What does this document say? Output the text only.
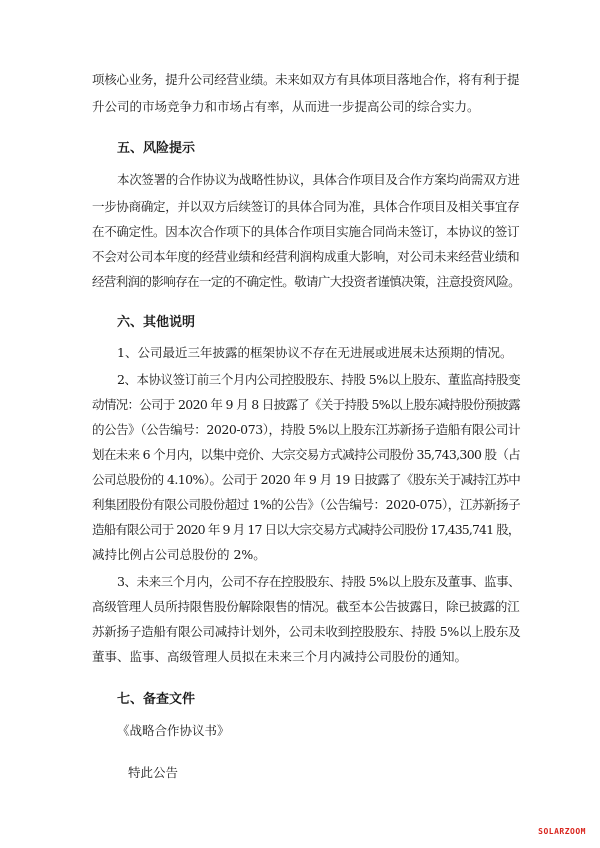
项核心业务，提升公司经营业绩。未来如双方有具体项目落地合作，将有利于提
升公司的市场竞争力和市场占有率，从而进一步提高公司的综合实力。
五、风险提示
本次签署的合作协议为战略性协议，具体合作项目及合作方案均尚需双方进
一步协商确定，并以双方后续签订的具体合同为准，具体合作项目及相关事宜存
在不确定性。因本次合作项下的具体合作项目实施合同尚未签订，本协议的签订
不会对公司本年度的经营业绩和经营利润构成重大影响，对公司未来经营业绩和
经营利润的影响存在一定的不确定性。敬请广大投资者谨慎决策，注意投资风险。
六、其他说明
1、公司最近三年披露的框架协议不存在无进展或进展未达预期的情况。
2、本协议签订前三个月内公司控股股东、持股 5%以上股东、董监高持股变
动情况：公司于 2020 年 9 月 8 日披露了《关于持股 5%以上股东减持股份预披露
的公告》（公告编号：2020-073），持股 5%以上股东江苏新扬子造船有限公司计
划在未来 6 个月内，以集中竞价、大宗交易方式减持公司股份 35,743,300 股（占
公司总股份的 4.10%）。公司于 2020 年 9 月 19 日披露了《股东关于减持江苏中
利集团股份有限公司股份超过 1%的公告》（公告编号：2020-075），江苏新扬子
造船有限公司于 2020 年 9 月 17 日以大宗交易方式减持公司股份 17,435,741 股，
减持比例占公司总股份的 2%。
3、未来三个月内，公司不存在控股股东、持股 5%以上股东及董事、监事、
高级管理人员所持限售股份解除限售的情况。截至本公告披露日，除已披露的江
苏新扬子造船有限公司减持计划外，公司未收到控股股东、持股 5%以上股东及
董事、监事、高级管理人员拟在未来三个月内减持公司股份的通知。
七、备查文件
《战略合作协议书》
特此公告
SOLARZOOM
